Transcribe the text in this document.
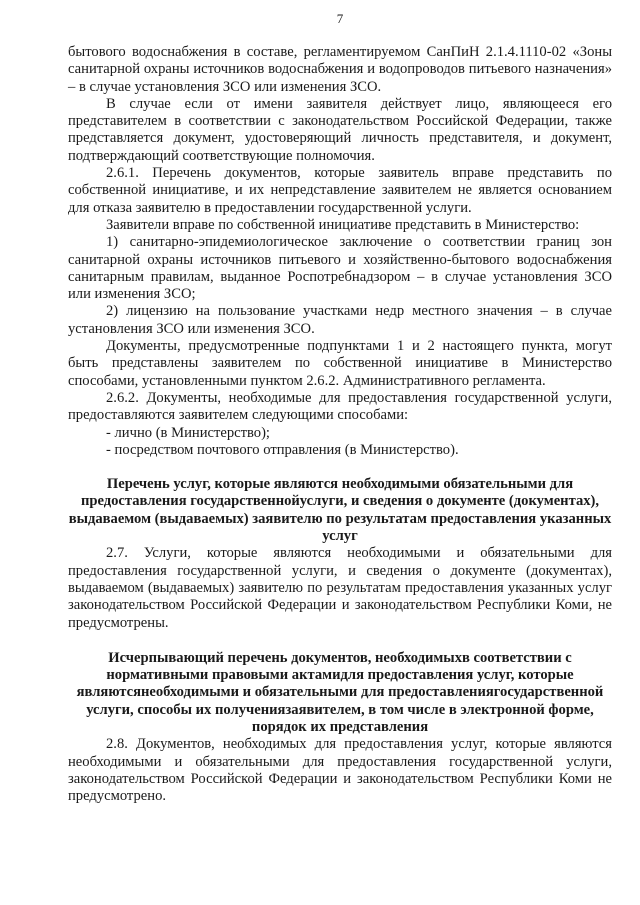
7

бытового водоснабжения в составе, регламентируемом СанПиН 2.1.4.1110-02 «Зоны санитарной охраны источников водоснабжения и водопроводов питьевого назначения» – в случае установления ЗСО или изменения ЗСО.

В случае если от имени заявителя действует лицо, являющееся его представителем в соответствии с законодательством Российской Федерации, также представляется документ, удостоверяющий личность представителя, и документ, подтверждающий соответствующие полномочия.

2.6.1. Перечень документов, которые заявитель вправе представить по собственной инициативе, и их непредставление заявителем не является основанием для отказа заявителю в предоставлении государственной услуги.

Заявители вправе по собственной инициативе представить в Министерство:

1) санитарно-эпидемиологическое заключение о соответствии границ зон санитарной охраны источников питьевого и хозяйственно-бытового водоснабжения санитарным правилам, выданное Роспотребнадзором – в случае установления ЗСО или изменения ЗСО;

2) лицензию на пользование участками недр местного значения – в случае установления ЗСО или изменения ЗСО.

Документы, предусмотренные подпунктами 1 и 2 настоящего пункта, могут быть представлены заявителем по собственной инициативе в Министерство способами, установленными пунктом 2.6.2. Административного регламента.

2.6.2. Документы, необходимые для предоставления государственной услуги, предоставляются заявителем следующими способами:

- лично (в Министерство);

- посредством почтового отправления (в Министерство).

Перечень услуг, которые являются необходимыми обязательными для предоставления государственнойуслуги, и сведения о документе (документах), выдаваемом (выдаваемых) заявителю по результатам предоставления указанных услуг

2.7. Услуги, которые являются необходимыми и обязательными для предоставления государственной услуги, и сведения о документе (документах), выдаваемом (выдаваемых) заявителю по результатам предоставления указанных услуг законодательством Российской Федерации и законодательством Республики Коми, не предусмотрены.

Исчерпывающий перечень документов, необходимыхв соответствии с нормативными правовыми актамидля предоставления услуг, которые являютсянеобходимыми и обязательными для предоставлениягосударственной услуги, способы их получениязаявителем, в том числе в электронной форме, порядок их представления

2.8. Документов, необходимых для предоставления услуг, которые являются необходимыми и обязательными для предоставления государственной услуги, законодательством Российской Федерации и законодательством Республики Коми не предусмотрено.
